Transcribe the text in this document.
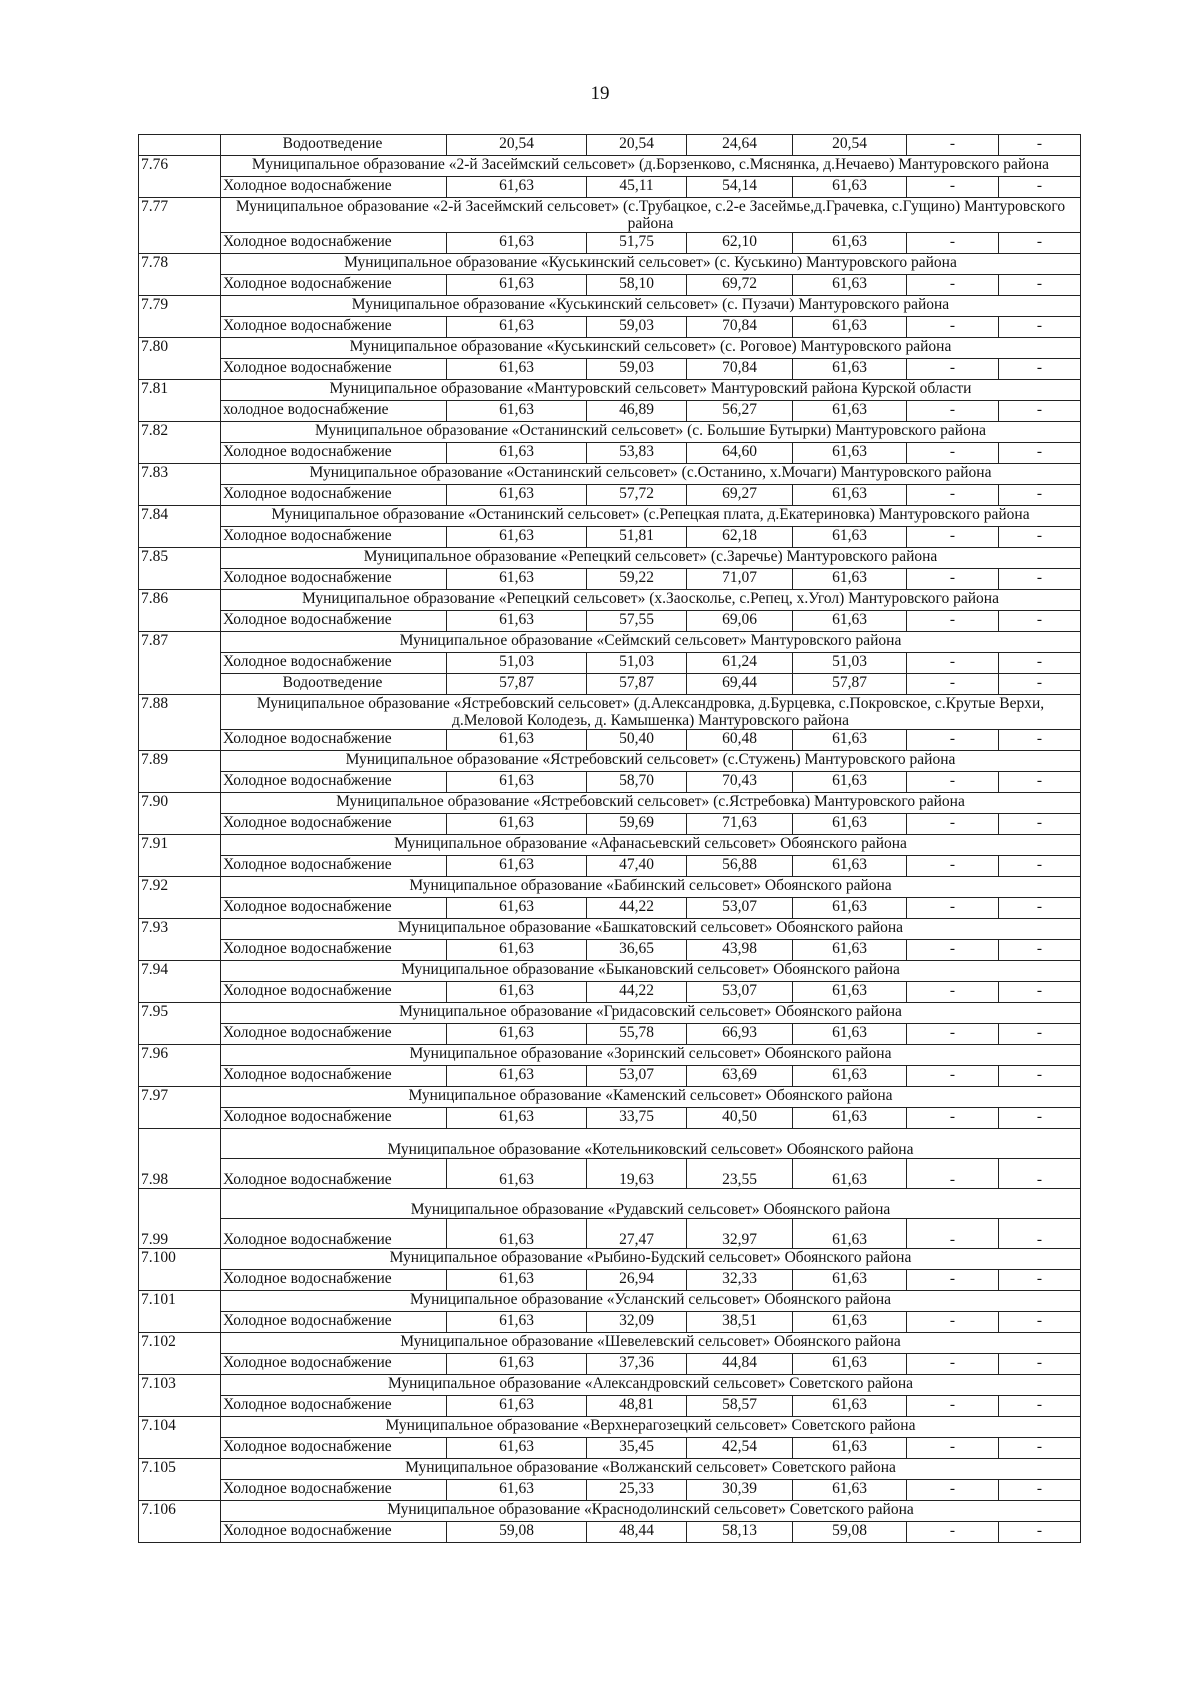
19
	Водоотведение	20,54	20,54	24,64	20,54	-	-
7.76	Муниципальное образование «2-й Засеймский сельсовет» (д.Борзенково, с.Мяснянка, д.Нечаево) Мантуровского района						
	Холодное водоснабжение	61,63	45,11	54,14	61,63	-	-
7.77	Муниципальное образование «2-й Засеймский сельсовет» (с.Трубацкое, с.2-е Засеймье,д.Грачевка, с.Гущино) Мантуровского района						
	Холодное водоснабжение	61,63	51,75	62,10	61,63	-	-
7.78	Муниципальное образование «Куськинский сельсовет» (с. Куськино) Мантуровского района						
	Холодное водоснабжение	61,63	58,10	69,72	61,63	-	-
7.79	Муниципальное образование «Куськинский сельсовет» (с. Пузачи) Мантуровского района						
	Холодное водоснабжение	61,63	59,03	70,84	61,63	-	-
7.80	Муниципальное образование «Куськинский сельсовет» (с. Роговое) Мантуровского района						
	Холодное водоснабжение	61,63	59,03	70,84	61,63	-	-
7.81	Муниципальное образование «Мантуровский сельсовет» Мантуровский района Курской области						
	холодное водоснабжение	61,63	46,89	56,27	61,63	-	-
7.82	Муниципальное образование «Останинский сельсовет» (с. Большие Бутырки) Мантуровского района						
	Холодное водоснабжение	61,63	53,83	64,60	61,63	-	-
7.83	Муниципальное образование «Останинский сельсовет» (с.Останино, х.Мочаги) Мантуровского района						
	Холодное водоснабжение	61,63	57,72	69,27	61,63	-	-
7.84	Муниципальное образование «Останинский сельсовет» (с.Репецкая плата, д.Екатериновка) Мантуровского района						
	Холодное водоснабжение	61,63	51,81	62,18	61,63	-	-
7.85	Муниципальное образование «Репецкий сельсовет» (с.Заречье) Мантуровского района						
	Холодное водоснабжение	61,63	59,22	71,07	61,63	-	-
7.86	Муниципальное образование «Репецкий сельсовет» (х.Заосколье, с.Репец, х.Угол) Мантуровского района						
	Холодное водоснабжение	61,63	57,55	69,06	61,63	-	-
7.87	Муниципальное образование «Сеймский сельсовет» Мантуровского района						
	Холодное водоснабжение	51,03	51,03	61,24	51,03	-	-
	Водоотведение	57,87	57,87	69,44	57,87	-	-
7.88	Муниципальное образование «Ястребовский сельсовет» (д.Александровка, д.Бурцевка, с.Покровское, с.Крутые Верхи, д.Меловой Колодезь, д. Камышенка) Мантуровского района						
	Холодное водоснабжение	61,63	50,40	60,48	61,63	-	-
7.89	Муниципальное образование «Ястребовский сельсовет» (с.Стужень) Мантуровского района						
	Холодное водоснабжение	61,63	58,70	70,43	61,63	-	-
7.90	Муниципальное образование «Ястребовский сельсовет» (с.Ястребовка) Мантуровского района						
	Холодное водоснабжение	61,63	59,69	71,63	61,63	-	-
7.91	Муниципальное образование «Афанасьевский сельсовет» Обоянского района						
	Холодное водоснабжение	61,63	47,40	56,88	61,63	-	-
7.92	Муниципальное образование «Бабинский сельсовет» Обоянского района						
	Холодное водоснабжение	61,63	44,22	53,07	61,63	-	-
7.93	Муниципальное образование «Башкатовский сельсовет» Обоянского района						
	Холодное водоснабжение	61,63	36,65	43,98	61,63	-	-
7.94	Муниципальное образование «Быкановский сельсовет» Обоянского района						
	Холодное водоснабжение	61,63	44,22	53,07	61,63	-	-
7.95	Муниципальное образование «Гридасовский сельсовет» Обоянского района						
	Холодное водоснабжение	61,63	55,78	66,93	61,63	-	-
7.96	Муниципальное образование «Зоринский сельсовет» Обоянского района						
	Холодное водоснабжение	61,63	53,07	63,69	61,63	-	-
7.97	Муниципальное образование «Каменский сельсовет» Обоянского района						
	Холодное водоснабжение	61,63	33,75	40,50	61,63	-	-
7.98	Муниципальное образование «Котельниковский сельсовет» Обоянского района						
	Холодное водоснабжение	61,63	19,63	23,55	61,63	-	-
7.99	Муниципальное образование «Рудавский сельсовет» Обоянского района						
	Холодное водоснабжение	61,63	27,47	32,97	61,63	-	-
7.100	Муниципальное образование «Рыбино-Будский сельсовет» Обоянского района						
	Холодное водоснабжение	61,63	26,94	32,33	61,63	-	-
7.101	Муниципальное образование «Усланский сельсовет» Обоянского района						
	Холодное водоснабжение	61,63	32,09	38,51	61,63	-	-
7.102	Муниципальное образование «Шевелевский сельсовет» Обоянского района						
	Холодное водоснабжение	61,63	37,36	44,84	61,63	-	-
7.103	Муниципальное образование «Александровский сельсовет» Советского района						
	Холодное водоснабжение	61,63	48,81	58,57	61,63	-	-
7.104	Муниципальное образование «Верхнерагозецкий сельсовет» Советского района						
	Холодное водоснабжение	61,63	35,45	42,54	61,63	-	-
7.105	Муниципальное образование «Волжанский сельсовет» Советского района						
	Холодное водоснабжение	61,63	25,33	30,39	61,63	-	-
7.106	Муниципальное образование «Краснодолинский сельсовет» Советского района						
	Холодное водоснабжение	59,08	48,44	58,13	59,08	-	-
